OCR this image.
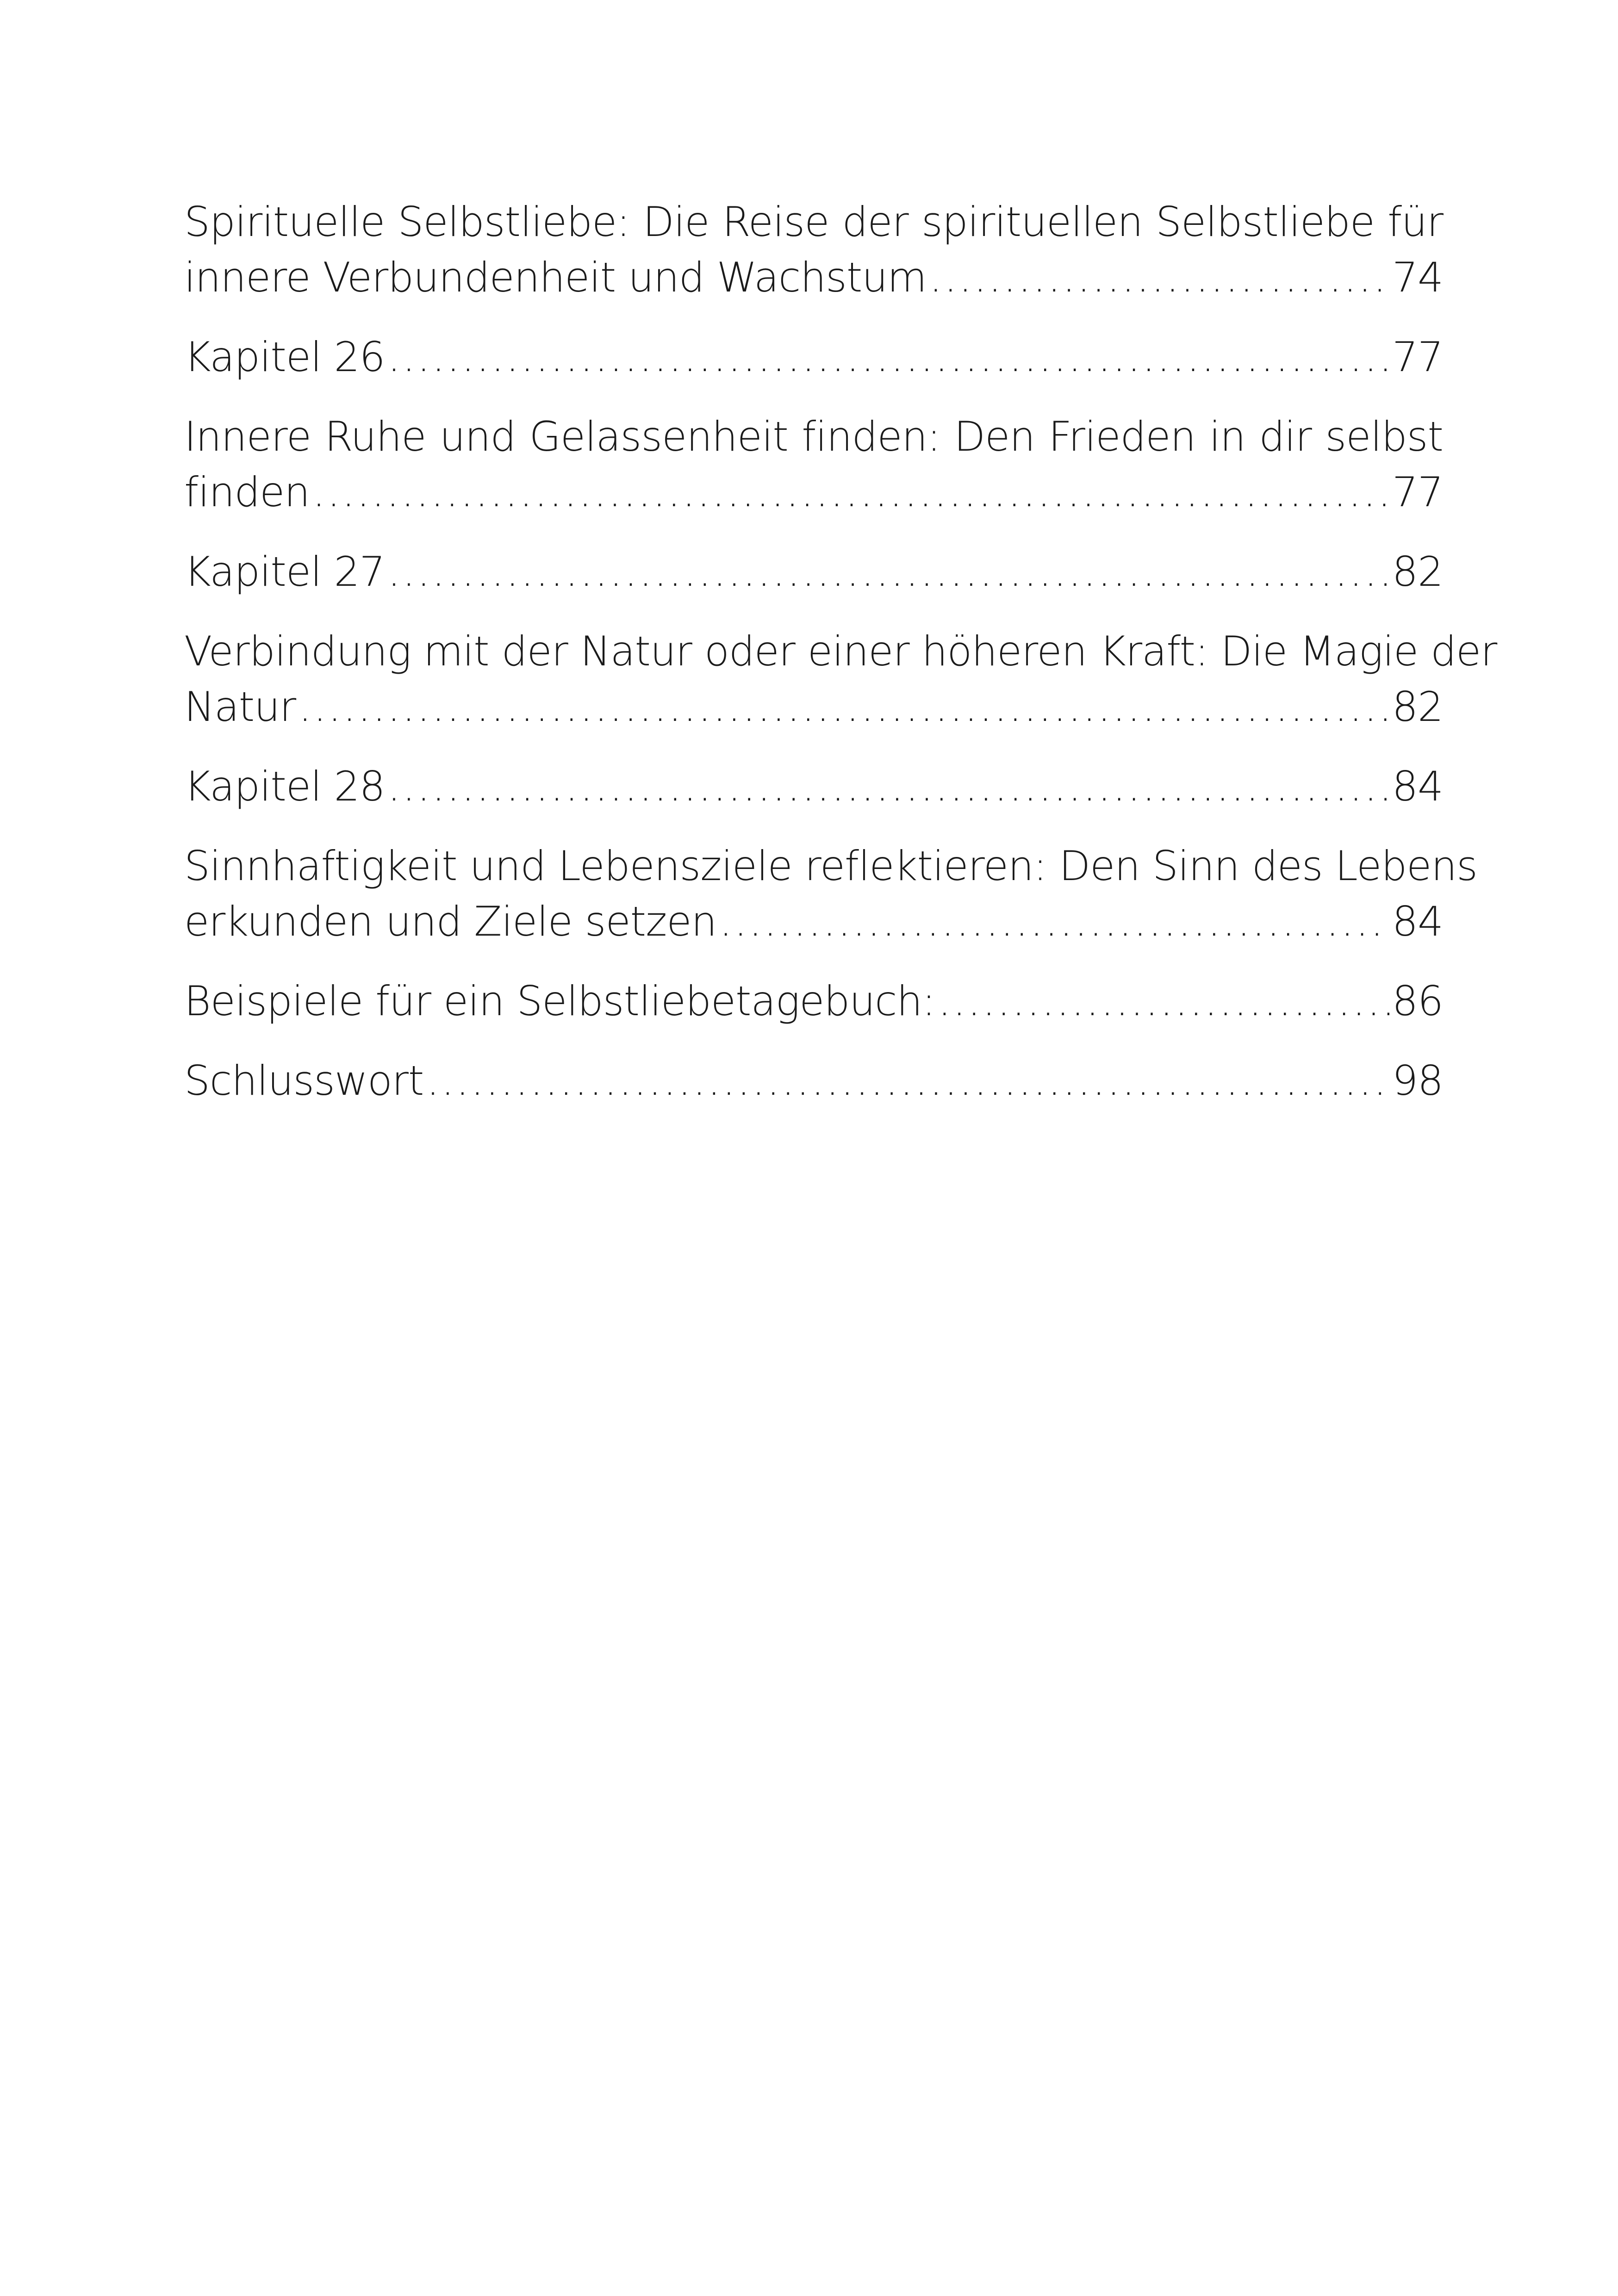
Spirituelle Selbstliebe: Die Reise der spirituellen Selbstliebe für
innere Verbundenheit und Wachstum .....	74
Kapitel 26 .....	77
Innere Ruhe und Gelassenheit finden: Den Frieden in dir selbst
finden .....	77
Kapitel 27 .....	82
Verbindung mit der Natur oder einer höheren Kraft: Die Magie der
Natur .....	82
Kapitel 28 .....	84
Sinnhaftigkeit und Lebensziele reflektieren: Den Sinn des Lebens
erkunden und Ziele setzen .....	84
Beispiele für ein Selbstliebetagebuch: .....	86
Schlusswort .....	98
